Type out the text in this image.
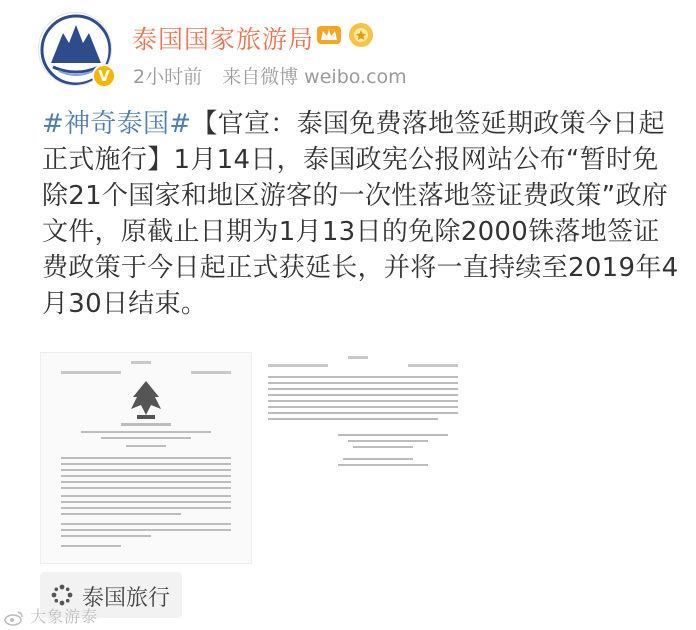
V
泰国国家旅游局
2小时前 来自微博 weibo.com
#神奇泰国#【官宣：泰国免费落地签延期政策今日起正式施行】1月14日，泰国政宪公报网站公布“暂时免除21个国家和地区游客的一次性落地签证费政策”政府文件，原截止日期为1月13日的免除2000铢落地签证费政策于今日起正式获延长，并将一直持续至2019年4月30日结束。
泰国旅行
大象游泰
